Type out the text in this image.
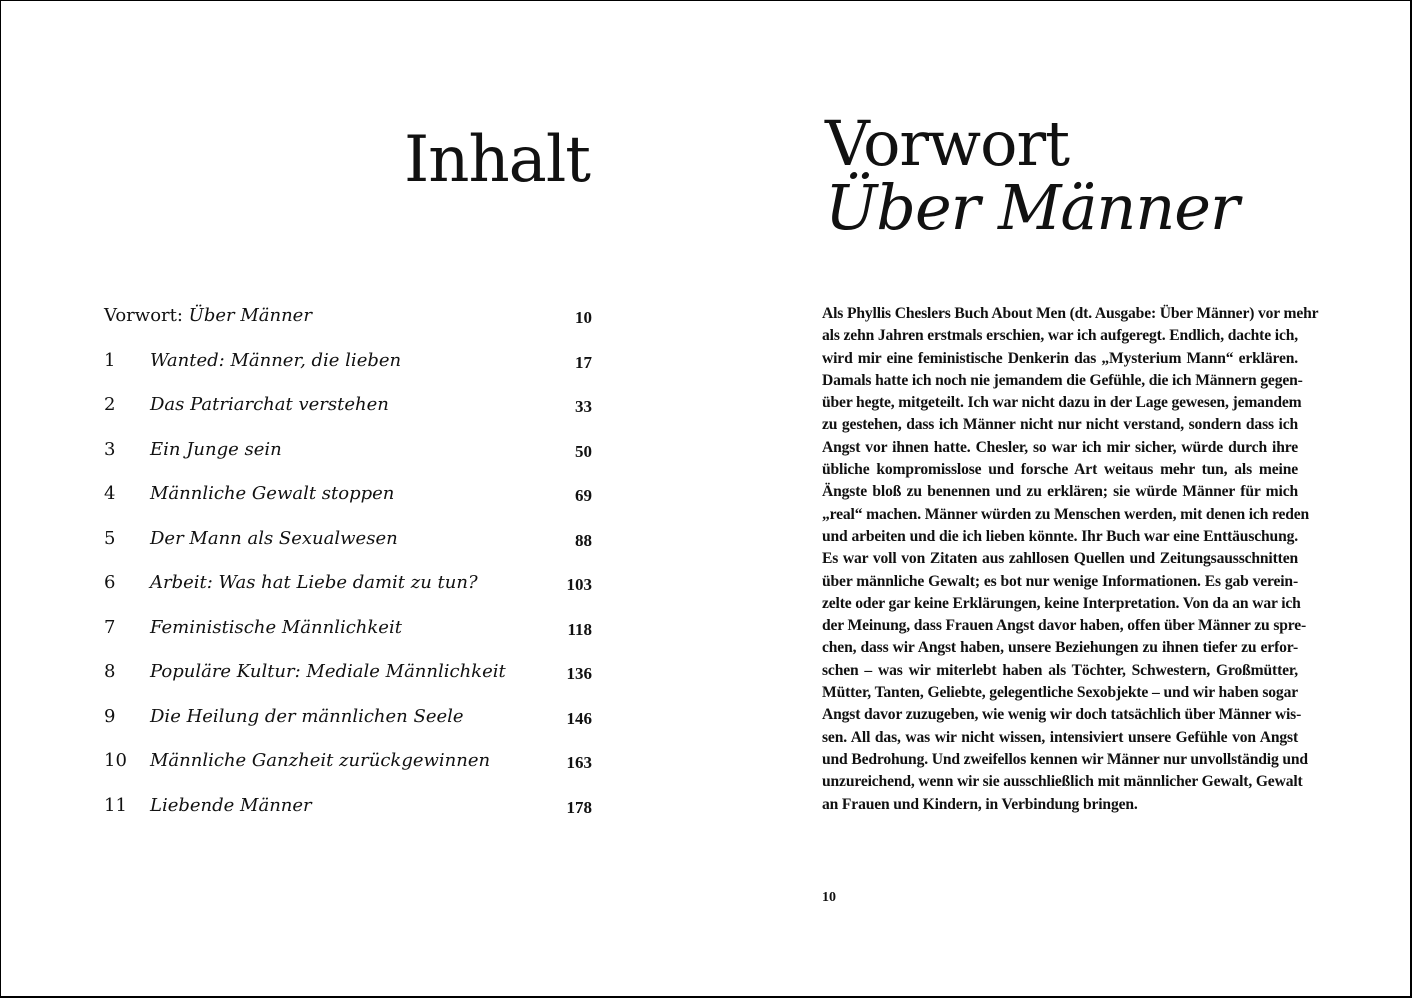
Inhalt
Vorwort: Über Männer	10
1 Wanted: Männer, die lieben	17
2 Das Patriarchat verstehen	33
3 Ein Junge sein	50
4 Männliche Gewalt stoppen	69
5 Der Mann als Sexualwesen	88
6 Arbeit: Was hat Liebe damit zu tun?	103
7 Feministische Männlichkeit	118
8 Populäre Kultur: Mediale Männlichkeit	136
9 Die Heilung der männlichen Seele	146
10 Männliche Ganzheit zurückgewinnen	163
11 Liebende Männer	178
Vorwort
Über Männer
Als Phyllis Cheslers Buch About Men (dt. Ausgabe: Über Männer) vor mehr
als zehn Jahren erstmals erschien, war ich aufgeregt. Endlich, dachte ich,
wird mir eine feministische Denkerin das „Mysterium Mann“ erklären.
Damals hatte ich noch nie jemandem die Gefühle, die ich Männern gegen-
über hegte, mitgeteilt. Ich war nicht dazu in der Lage gewesen, jemandem
zu gestehen, dass ich Männer nicht nur nicht verstand, sondern dass ich
Angst vor ihnen hatte. Chesler, so war ich mir sicher, würde durch ihre
übliche kompromisslose und forsche Art weitaus mehr tun, als meine
Ängste bloß zu benennen und zu erklären; sie würde Männer für mich
„real“ machen. Männer würden zu Menschen werden, mit denen ich reden
und arbeiten und die ich lieben könnte. Ihr Buch war eine Enttäuschung.
Es war voll von Zitaten aus zahllosen Quellen und Zeitungsausschnitten
über männliche Gewalt; es bot nur wenige Informationen. Es gab verein-
zelte oder gar keine Erklärungen, keine Interpretation. Von da an war ich
der Meinung, dass Frauen Angst davor haben, offen über Männer zu spre-
chen, dass wir Angst haben, unsere Beziehungen zu ihnen tiefer zu erfor-
schen – was wir miterlebt haben als Töchter, Schwestern, Großmütter,
Mütter, Tanten, Geliebte, gelegentliche Sexobjekte – und wir haben sogar
Angst davor zuzugeben, wie wenig wir doch tatsächlich über Männer wis-
sen. All das, was wir nicht wissen, intensiviert unsere Gefühle von Angst
und Bedrohung. Und zweifellos kennen wir Männer nur unvollständig und
unzureichend, wenn wir sie ausschließlich mit männlicher Gewalt, Gewalt
an Frauen und Kindern, in Verbindung bringen.
10
